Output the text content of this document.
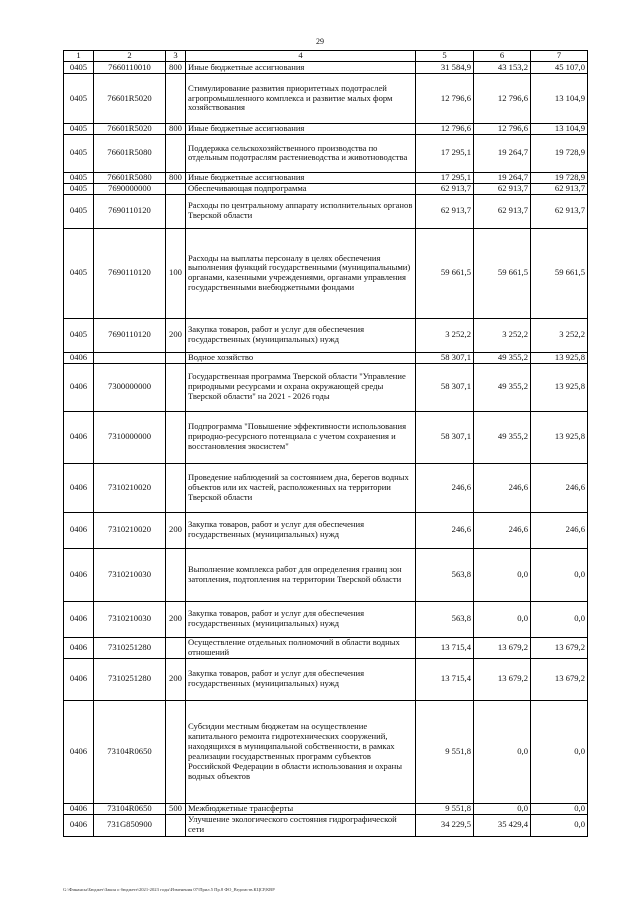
29
1	2	3	4	5	6	7
0405	7660110010	800	Иные бюджетные ассигнования	31 584,9	43 153,2	45 107,0
0405	76601R5020		Стимулирование развития приоритетных подотраслей агропромышленного комплекса и развитие малых форм хозяйствования	12 796,6	12 796,6	13 104,9
0405	76601R5020	800	Иные бюджетные ассигнования	12 796,6	12 796,6	13 104,9
0405	76601R5080		Поддержка сельскохозяйственного производства по отдельным подотраслям растениеводства и животноводства	17 295,1	19 264,7	19 728,9
0405	76601R5080	800	Иные бюджетные ассигнования	17 295,1	19 264,7	19 728,9
0405	7690000000		Обеспечивающая подпрограмма	62 913,7	62 913,7	62 913,7
0405	7690110120		Расходы по центральному аппарату исполнительных органов Тверской области	62 913,7	62 913,7	62 913,7
0405	7690110120	100	Расходы на выплаты персоналу в целях обеспечения выполнения функций государственными (муниципальными) органами, казенными учреждениями, органами управления государственными внебюджетными фондами	59 661,5	59 661,5	59 661,5
0405	7690110120	200	Закупка товаров, работ и услуг для обеспечения государственных (муниципальных) нужд	3 252,2	3 252,2	3 252,2
0406			Водное хозяйство	58 307,1	49 355,2	13 925,8
0406	7300000000		Государственная программа Тверской области "Управление природными ресурсами и охрана окружающей среды Тверской области" на 2021 - 2026 годы	58 307,1	49 355,2	13 925,8
0406	7310000000		Подпрограмма "Повышение эффективности использования природно-ресурсного потенциала с учетом сохранения и восстановления экосистем"	58 307,1	49 355,2	13 925,8
0406	7310210020		Проведение наблюдений за состоянием дна, берегов водных объектов или их частей, расположенных на территории Тверской области	246,6	246,6	246,6
0406	7310210020	200	Закупка товаров, работ и услуг для обеспечения государственных (муниципальных) нужд	246,6	246,6	246,6
0406	7310210030		Выполнение комплекса работ для определения границ зон затопления, подтопления на территории Тверской области	563,8	0,0	0,0
0406	7310210030	200	Закупка товаров, работ и услуг для обеспечения государственных (муниципальных) нужд	563,8	0,0	0,0
0406	7310251280		Осуществление отдельных полномочий в области водных отношений	13 715,4	13 679,2	13 679,2
0406	7310251280	200	Закупка товаров, работ и услуг для обеспечения государственных (муниципальных) нужд	13 715,4	13 679,2	13 679,2
0406	73104R0650		Субсидии местным бюджетам на осуществление капитального ремонта гидротехнических сооружений, находящихся в муниципальной собственности, в рамках реализации государственных программ субъектов Российской Федерации в области использования и охраны водных объектов	9 551,8	0,0	0,0
0406	73104R0650	500	Межбюджетные трансферты	9 551,8	0,0	0,0
0406	731G850900		Улучшение экологического состояния гидрографической сети	34 229,5	35 429,4	0,0
G:\Финансы\Бюджет\Закон о бюджете\2021-2023 годы\Изменения 07\Прил.5 Пр.8 ФО_Ведомств.КЦСР,КВР
